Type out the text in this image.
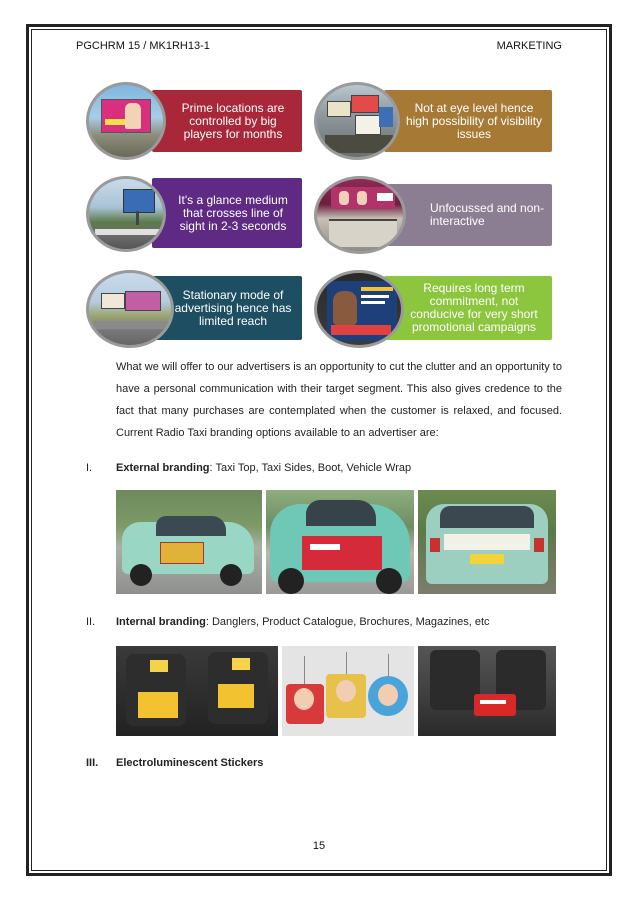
PGCHRM 15 / MK1RH13-1	MARKETING
Prime locations are controlled by big players for months
Not at eye level hence high possibility of visibility issues
It's a glance medium that crosses line of sight in 2-3 seconds
Unfocussed and non-interactive
Stationary mode of advertising hence has limited reach
Requires long term commitment, not conducive for very short promotional campaigns
What we will offer to our advertisers is an opportunity to cut the clutter and an opportunity to have a personal communication with their target segment. This also gives credence to the fact that many purchases are contemplated when the customer is relaxed, and focused. Current Radio Taxi branding options available to an advertiser are:
I. External branding: Taxi Top, Taxi Sides, Boot, Vehicle Wrap
II. Internal branding: Danglers, Product Catalogue, Brochures, Magazines, etc
III. Electroluminescent Stickers
15
